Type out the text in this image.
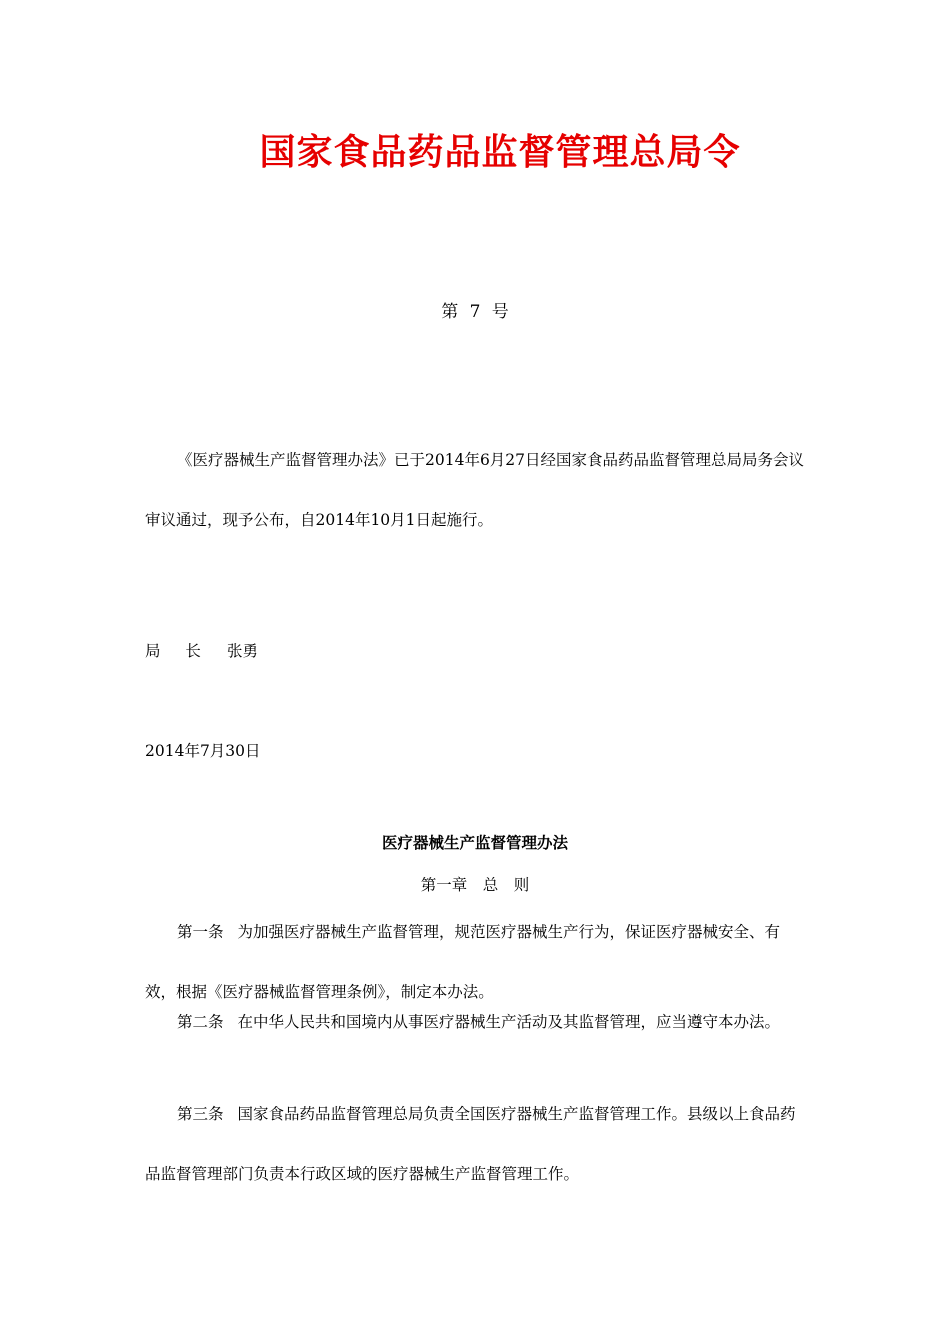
国家食品药品监督管理总局令
第 7 号

《医疗器械生产监督管理办法》已于2014年6月27日经国家食品药品监督管理总局局务会议审议通过，现予公布，自2014年10月1日起施行。

局 长 张勇
2014年7月30日
医疗器械生产监督管理办法
第一章　总　则

第一条 为加强医疗器械生产监督管理，规范医疗器械生产行为，保证医疗器械安全、有效，根据《医疗器械监督管理条例》，制定本办法。

第二条 在中华人民共和国境内从事医疗器械生产活动及其监督管理，应当遵守本办法。

第三条 国家食品药品监督管理总局负责全国医疗器械生产监督管理工作。县级以上食品药品监督管理部门负责本行政区域的医疗器械生产监督管理工作。
